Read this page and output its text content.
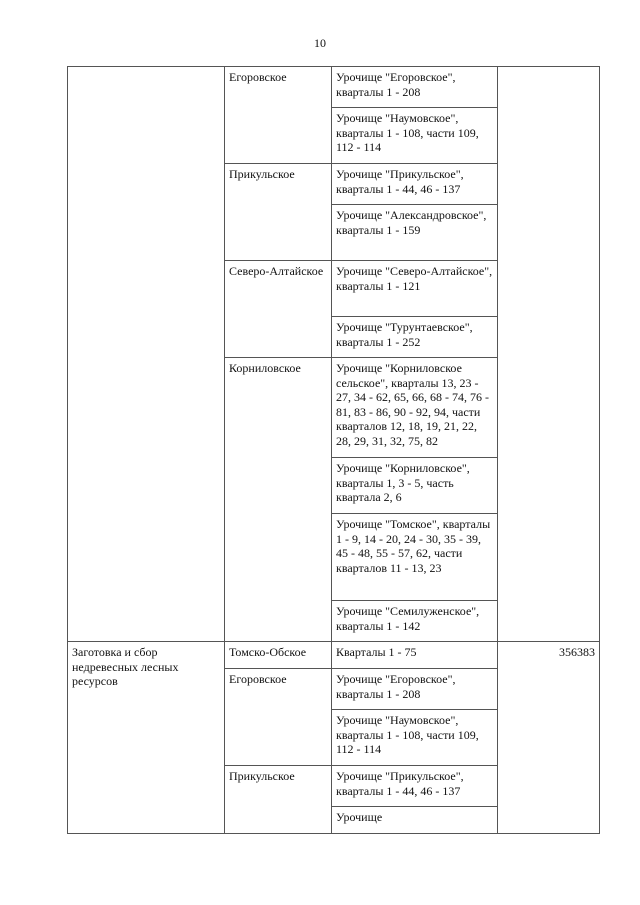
10
	Егоровское	Урочище "Егоровское", кварталы 1 - 208	
		Урочище "Наумовское", кварталы 1 - 108, части 109, 112 - 114	
	Прикульское	Урочище "Прикульское", кварталы 1 - 44, 46 - 137	
		Урочище "Александровское", кварталы 1 - 159	
	Северо-Алтайское	Урочище "Северо-Алтайское", кварталы 1 - 121	
		Урочище "Турунтаевское", кварталы 1 - 252	
	Корниловское	Урочище "Корниловское сельское", кварталы 13, 23 - 27, 34 - 62, 65, 66, 68 - 74, 76 - 81, 83 - 86, 90 - 92, 94, части кварталов 12, 18, 19, 21, 22, 28, 29, 31, 32, 75, 82	
		Урочище "Корниловское", кварталы 1, 3 - 5, часть квартала 2, 6	
		Урочище "Томское", кварталы 1 - 9, 14 - 20, 24 - 30, 35 - 39, 45 - 48, 55 - 57, 62, части кварталов 11 - 13, 23	
		Урочище "Семилуженское", кварталы 1 - 142	
Заготовка и сбор недревесных лесных ресурсов	Томско-Обское	Кварталы 1 - 75	356383
	Егоровское	Урочище "Егоровское", кварталы 1 - 208	
		Урочище "Наумовское", кварталы 1 - 108, части 109, 112 - 114	
	Прикульское	Урочище "Прикульское", кварталы 1 - 44, 46 - 137	
		Урочище	
